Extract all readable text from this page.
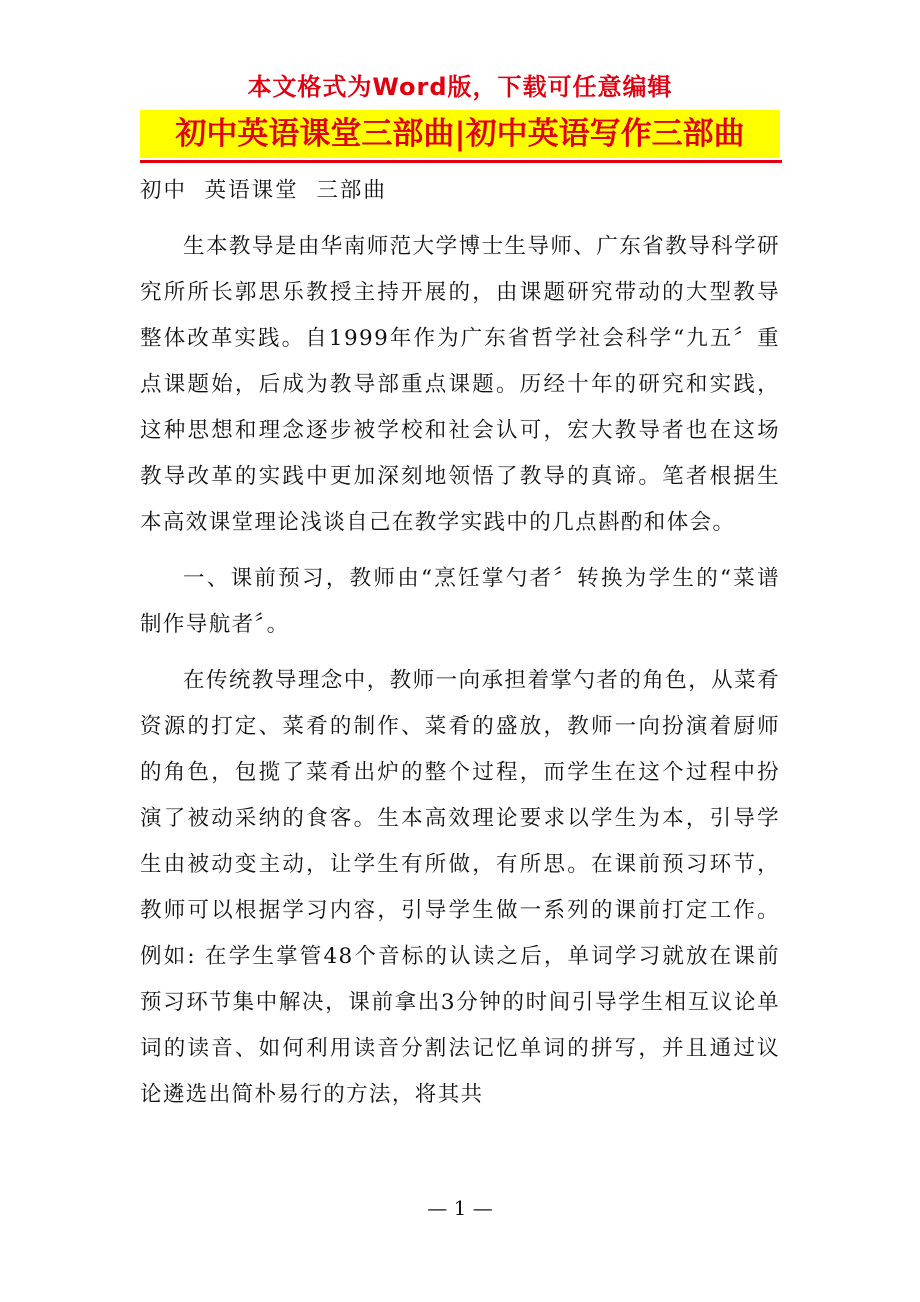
本文格式为Word版，下载可任意编辑
初中英语课堂三部曲|初中英语写作三部曲
初中  英语课堂  三部曲

生本教导是由华南师范大学博士生导师、广东省教导科学研究所所长郭思乐教授主持开展的，由课题研究带动的大型教导整体改革实践。自1999年作为广东省哲学社会科学“九五〞重点课题始，后成为教导部重点课题。历经十年的研究和实践，这种思想和理念逐步被学校和社会认可，宏大教导者也在这场教导改革的实践中更加深刻地领悟了教导的真谛。笔者根据生本高效课堂理论浅谈自己在教学实践中的几点斟酌和体会。

一、课前预习，教师由“烹饪掌勺者〞转换为学生的“菜谱制作导航者〞。

在传统教导理念中，教师一向承担着掌勺者的角色，从菜肴资源的打定、菜肴的制作、菜肴的盛放，教师一向扮演着厨师的角色，包揽了菜肴出炉的整个过程，而学生在这个过程中扮演了被动采纳的食客。生本高效理论要求以学生为本，引导学生由被动变主动，让学生有所做，有所思。在课前预习环节，教师可以根据学习内容，引导学生做一系列的课前打定工作。例如: 在学生掌管48个音标的认读之后，单词学习就放在课前预习环节集中解决，课前拿出3分钟的时间引导学生相互议论单词的读音、如何利用读音分割法记忆单词的拼写，并且通过议论遴选出简朴易行的方法，将其共

— 1 —
